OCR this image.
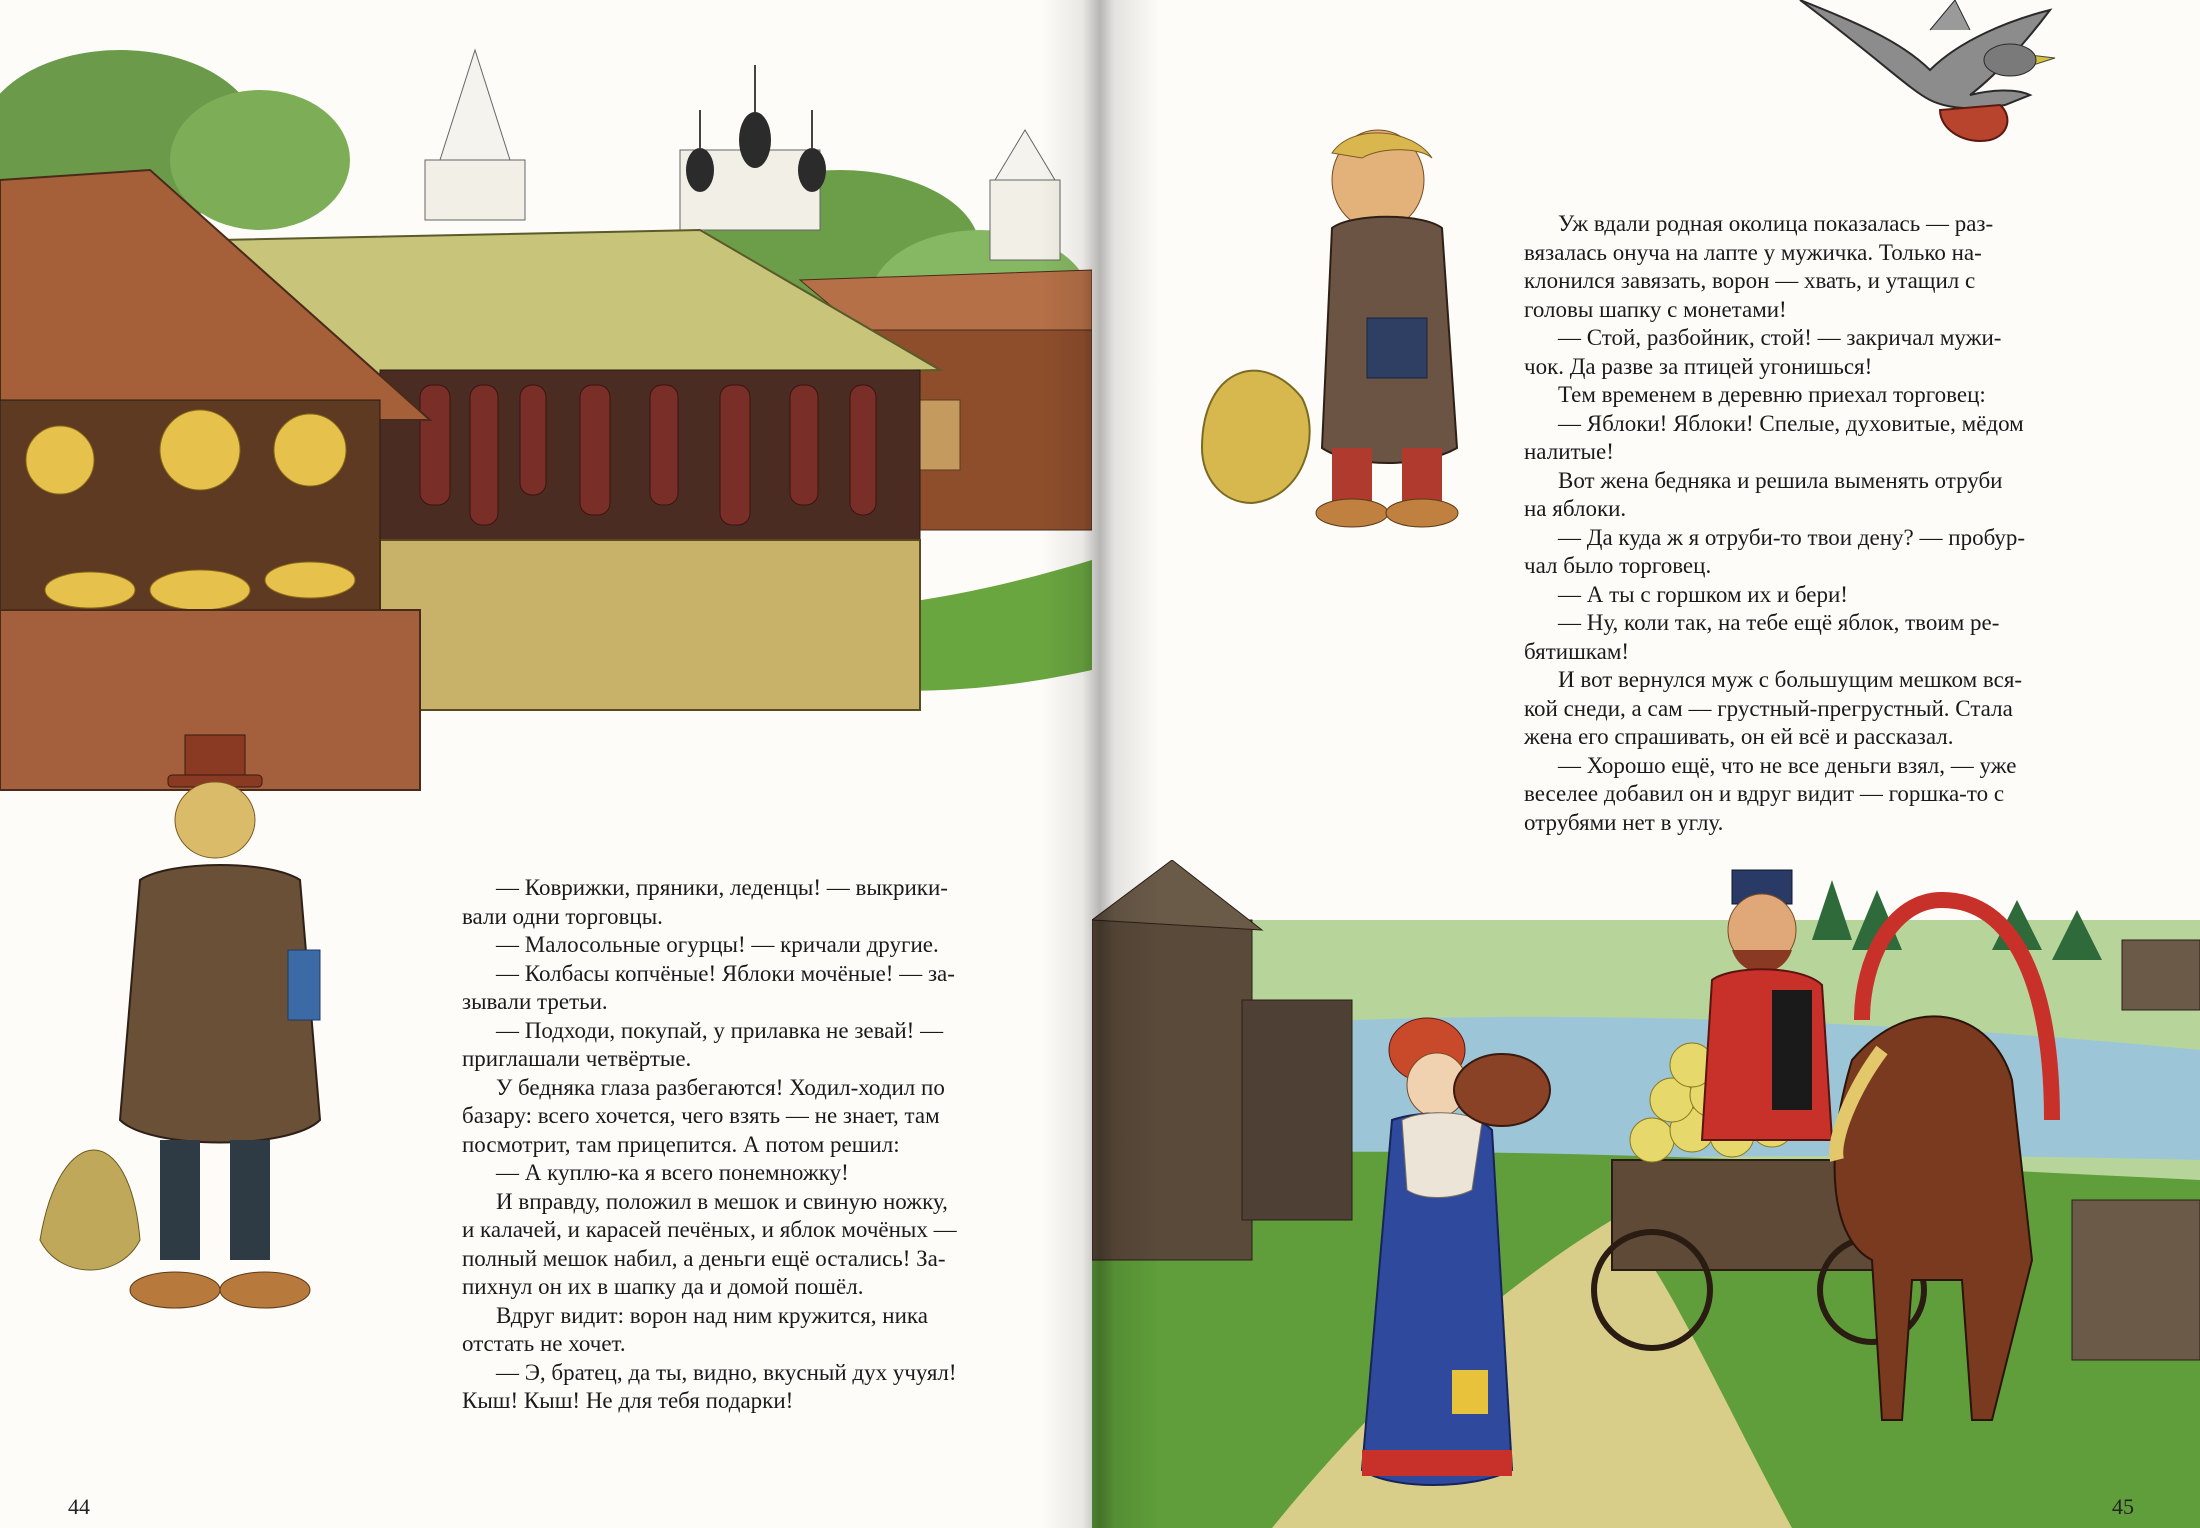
— Коврижки, пряники, леденцы! — выкрики-

вали одни торговцы.

— Малосольные огурцы! — кричали другие.

— Колбасы копчёные! Яблоки мочёные! — за-

зывали третьи.

— Подходи, покупай, у прилавка не зевай! —

приглашали четвёртые.

У бедняка глаза разбегаются! Ходил-ходил по

базару: всего хочется, чего взять — не знает, там

посмотрит, там прицепится. А потом решил:

— А куплю-ка я всего понемножку!

И вправду, положил в мешок и свиную ножку,

и калачей, и карасей печёных, и яблок мочёных —

полный мешок набил, а деньги ещё остались! За-

пихнул он их в шапку да и домой пошёл.

Вдруг видит: ворон над ним кружится, ника

отстать не хочет.

— Э, братец, да ты, видно, вкусный дух учуял!

Кыш! Кыш! Не для тебя подарки!

44

Уж вдали родная околица показалась — раз-

вязалась онуча на лапте у мужичка. Только на-

клонился завязать, ворон — хвать, и утащил с

головы шапку с монетами!

— Стой, разбойник, стой! — закричал мужи-

чок. Да разве за птицей угонишься!

Тем временем в деревню приехал торговец:

— Яблоки! Яблоки! Спелые, духовитые, мёдом

налитые!

Вот жена бедняка и решила выменять отруби

на яблоки.

— Да куда ж я отруби-то твои дену? — пробур-

чал было торговец.

— А ты с горшком их и бери!

— Ну, коли так, на тебе ещё яблок, твоим ре-

бятишкам!

И вот вернулся муж с большущим мешком вся-

кой снеди, а сам — грустный-прегрустный. Стала

жена его спрашивать, он ей всё и рассказал.

— Хорошо ещё, что не все деньги взял, — уже

веселее добавил он и вдруг видит — горшка-то с

отрубями нет в углу.

45
